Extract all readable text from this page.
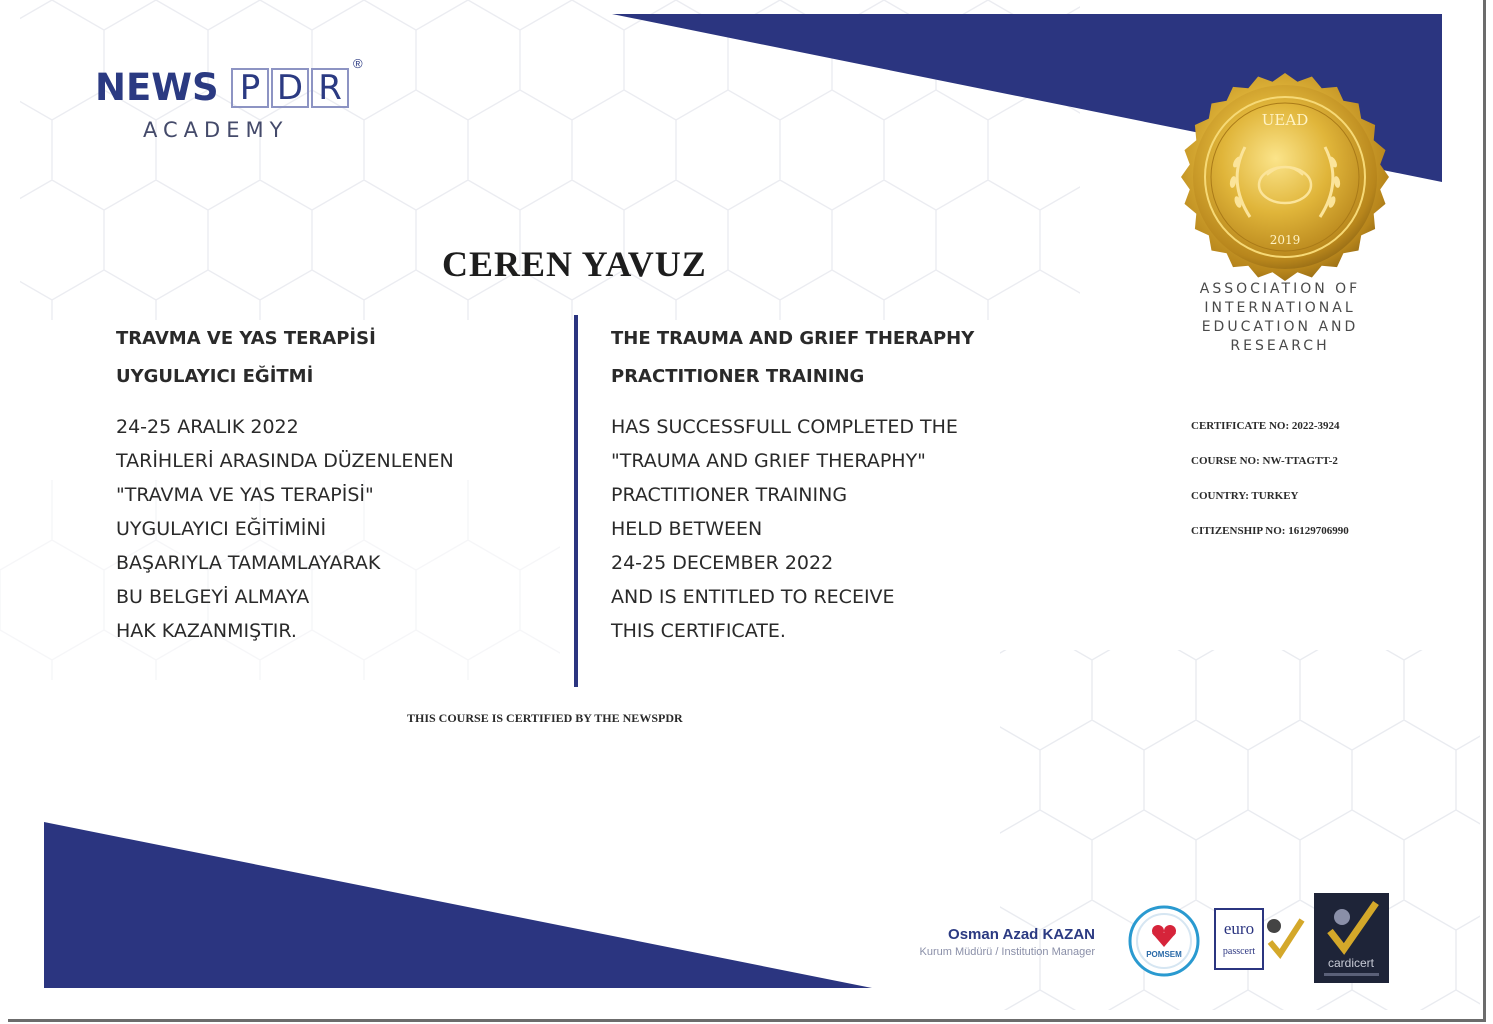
NEWS P D R
®
ACADEMY
CEREN YAVUZ
TRAVMA VE YAS TERAPİSİ
UYGULAYICI EĞİTMİ
24-25 ARALIK 2022
TARİHLERİ ARASINDA DÜZENLENEN
"TRAVMA VE YAS TERAPİSİ"
UYGULAYICI EĞİTİMİNİ
BAŞARIYLA TAMAMLAYARAK
BU BELGEYİ ALMAYA
HAK KAZANMIŞTIR.
THE TRAUMA AND GRIEF THERAPHY
PRACTITIONER TRAINING
HAS SUCCESSFULL COMPLETED THE
"TRAUMA AND GRIEF THERAPHY"
PRACTITIONER TRAINING
HELD BETWEEN
24-25 DECEMBER 2022
AND IS ENTITLED TO RECEIVE
THIS CERTIFICATE.
THIS COURSE IS CERTIFIED BY THE NEWSPDR
UEAD
2019
ASSOCIATION OF
INTERNATIONAL
EDUCATION AND
RESEARCH
CERTIFICATE NO: 2022-3924
COURSE NO: NW-TTAGTT-2
COUNTRY: TURKEY
CITIZENSHIP NO: 16129706990
Osman Azad KAZAN
Kurum Müdürü / Institution Manager	POMSEM
euro
passcert
cardicert
